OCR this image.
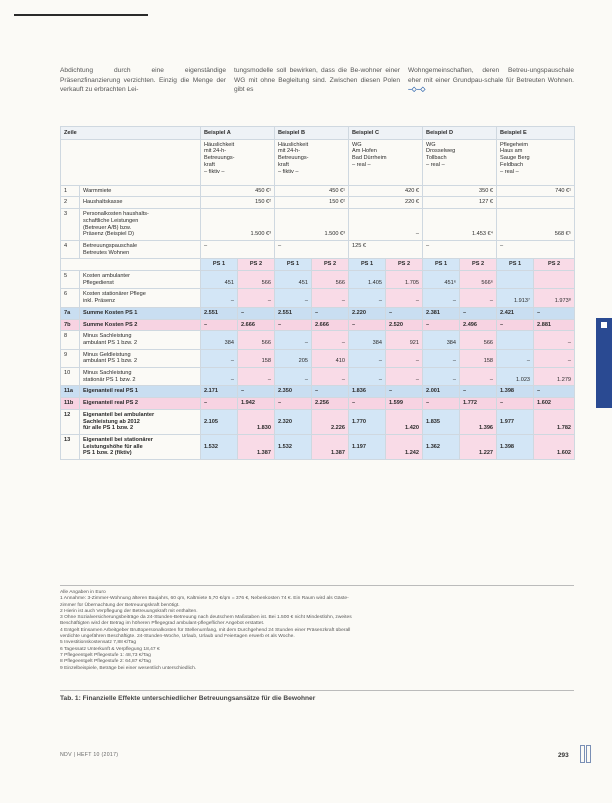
Abdichtung durch eine eigenständige Präsenzfinanzierung verzichten. Einzig die Menge der verkauft zu erbrachten Lei-
tungsmodelle soll bewirken, dass die Be-wohner einer WG mit ohne Begleitung sind. Zwischen diesen Polen gibt es
Wohngemeinschaften, deren Betreu-ungspauschale eher mit einer Grundpau-schale für Betreuten Wohnen. –◇–◇
Zeile		Beispiel A		Beispiel B		Beispiel C		Beispiel D		Beispiel E	
		Häuslichkeit
mit 24-h-
Betreuungs-
kraft
– fiktiv –		Häuslichkeit
mit 24-h-
Betreuungs-
kraft
– fiktiv –		WG
Am Hofen
Bad Dürrheim
– real –		WG
Drosselweg
Tollbach
– real –		Pflegeheim
Haus am
Sauge Berg
Feldbach
– real –	
1	Warmmiete	450 €¹		450 €¹		420 €		350 €		740 €¹	
2	Haushaltskasse	150 €²		150 €²		220 €		127 €			
3	Personalkosten haushalts-
schaftliche Leistungen
(Betreuer A/B) bzw.
Präsenz (Beispiel D)	1.500 €³		1.500 €³		–		1.453 €⁴		568 €⁵	
4	Betreuungspauschale
Betreutes Wohnen	–		–		125 €		–		–	
		PS 1	PS 2	PS 1	PS 2	PS 1	PS 2	PS 1	PS 2	PS 1	PS 2
5	Kosten ambulanter
Pflegedienst	451	566	451	566	1.405	1.705	451⁶	566⁶		
6	Kosten stationärer Pflege
inkl. Präsenz	–	–	–	–	–	–	–	–	1.913⁷	1.973⁸
7a	Summe Kosten PS 1	2.551	–	2.551	–	2.220	–	2.381	–	2.421	–
7b	Summe Kosten PS 2	–	2.666	–	2.666	–	2.520	–	2.496	–	2.881
8	Minus Sachleistung
ambulant PS 1 bzw. 2	384	566	–	–	384	921	384	566		–
9	Minus Geldleistung
ambulant PS 1 bzw. 2	–	158	205	410	–	–	–	158	–	–
10	Minus Sachleistung
stationär PS 1 bzw. 2	–	–	–	–	–	–	–	–	1.023	1.279
11a	Eigenanteil real PS 1	2.171	–	2.350	–	1.836	–	2.001	–	1.398	–
11b	Eigenanteil real PS 2	–	1.942	–	2.256	–	1.599	–	1.772	–	1.602
12	Eigenanteil bei ambulanter
Sachleistung ab 2012
für alle PS 1 bzw. 2	2.105	1.830	2.320	2.226	1.770	1.420	1.835	1.396	1.977	1.782
13	Eigenanteil bei stationärer
Leistungshöhe für alle
PS 1 bzw. 2 (fiktiv)	1.532	1.387	1.532	1.387	1.197	1.242	1.362	1.227	1.398	1.602

Alle Angaben in Euro

1 Annahme: 3-Zimmer-Wohnung älteren Baujahrs, 60 qm, Kaltmiete 5,70 €/qm = 376 €, Nebenkosten 74 €. Ein Raum wird als Gäste-

zimmer für Übernachtung der Betreuungskraft benötigt.

2 Hierin ist auch Verpflegung der Betreuungskraft mit enthalten.

3 Ohne Sozialversicherungsbeiträge da 24-Stunden-Betreuung nach deutschem Maßstaben ist. Bei 1.500 € nicht Mindestlohn, zweites

Beschäftigten wird der Betrag im höheren Pflegegrad ambulant-pflegeflicher Angebot erstattet.

4 Entgelt Einsamen Arbeitgeber Bruttopersonalkosten für Stellenumfang, mit dem Durchgehend 24 Stunden einer Präsenzkraft überall

verdichte ungefähren Beschäftigte. 24-Stunden-Woche, Urlaub, Urlaub und Feiertagen erwerb et als Woche.

5 Investitionskostensatz 7,88 €/Tag

6 Tagessatz Unterkunft & Verpflegung 18,47 €

7 Pflegeentgelt Pflegestufe 1: 48,73 €/Tag

8 Pflegeentgelt Pflegestufe 2: 64,87 €/Tag

9 Einzelbeispiele, Beträge bei einer wesentlich unterschiedlich.

Tab. 1: Finanzielle Effekte unterschiedlicher Betreuungsansätze für die Bewohner
NDV | HEFT 10 (2017)	293
